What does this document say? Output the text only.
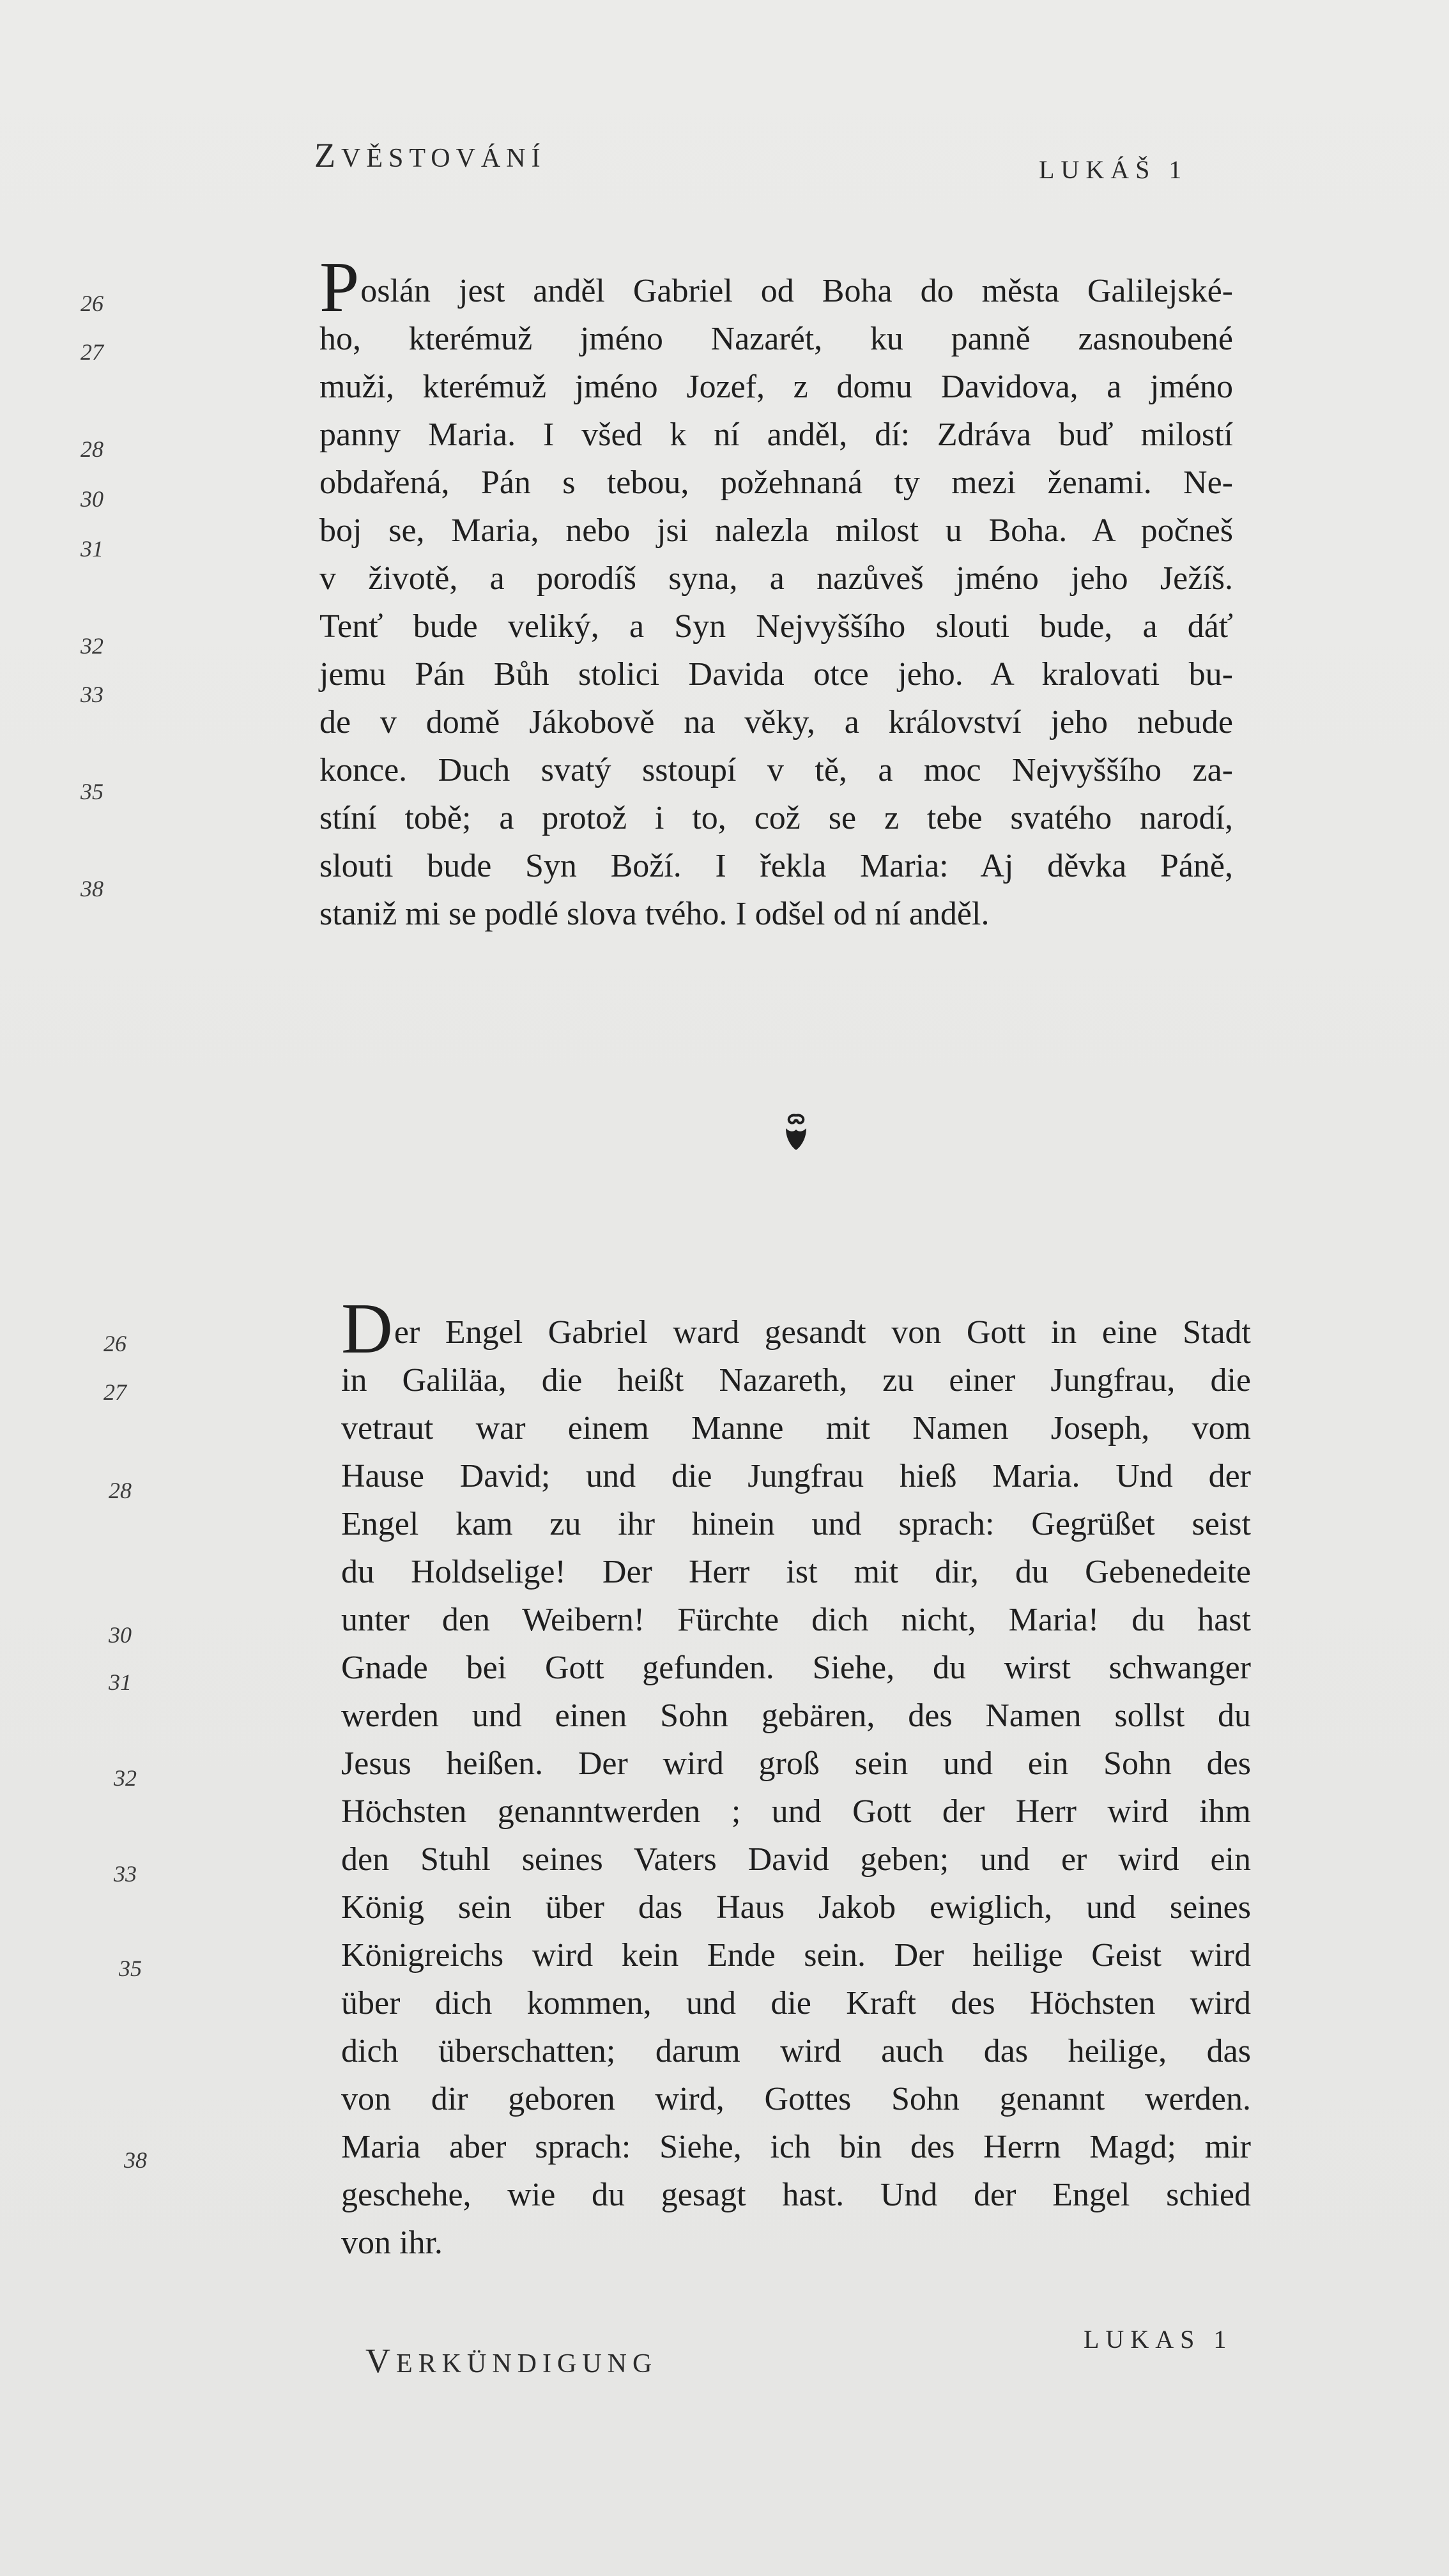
ZVĚSTOVÁNÍ	LUKÁŠ 1
26
27
28
30
31
32
33
35
38
Poslán jest anděl Gabriel od Boha do města Galilejské-
ho, kterémuž jméno Nazarét, ku panně zasnoubené
muži, kterémuž jméno Jozef, z domu Davidova, a jméno
panny Maria. I všed k ní anděl, dí: Zdráva buď milostí
obdařená, Pán s tebou, požehnaná ty mezi ženami. Ne-
boj se, Maria, nebo jsi nalezla milost u Boha. A počneš
v životě, a porodíš syna, a nazůveš jméno jeho Ježíš.
Tenť bude veliký, a Syn Nejvyššího slouti bude, a dáť
jemu Pán Bůh stolici Davida otce jeho. A kralovati bu-
de v domě Jákobově na věky, a království jeho nebude
konce. Duch svatý sstoupí v tě, a moc Nejvyššího za-
stíní tobě; a protož i to, což se z tebe svatého narodí,
slouti bude Syn Boží. I řekla Maria: Aj děvka Páně,
staniž mi se podlé slova tvého. I odšel od ní anděl.
26
27
28
30
31
32
33
35
38
Der Engel Gabriel ward gesandt von Gott in eine Stadt
in Galiläa, die heißt Nazareth, zu einer Jungfrau, die
vetraut war einem Manne mit Namen Joseph, vom
Hause David; und die Jungfrau hieß Maria. Und der
Engel kam zu ihr hinein und sprach: Gegrüßet seist
du Holdselige! Der Herr ist mit dir, du Gebenedeite
unter den Weibern! Fürchte dich nicht, Maria! du hast
Gnade bei Gott gefunden. Siehe, du wirst schwanger
werden und einen Sohn gebären, des Namen sollst du
Jesus heißen. Der wird groß sein und ein Sohn des
Höchsten genanntwerden ; und Gott der Herr wird ihm
den Stuhl seines Vaters David geben; und er wird ein
König sein über das Haus Jakob ewiglich, und seines
Königreichs wird kein Ende sein. Der heilige Geist wird
über dich kommen, und die Kraft des Höchsten wird
dich überschatten; darum wird auch das heilige, das
von dir geboren wird, Gottes Sohn genannt werden.
Maria aber sprach: Siehe, ich bin des Herrn Magd; mir
geschehe, wie du gesagt hast. Und der Engel schied
von ihr.
VERKÜNDIGUNG
LUKAS 1
